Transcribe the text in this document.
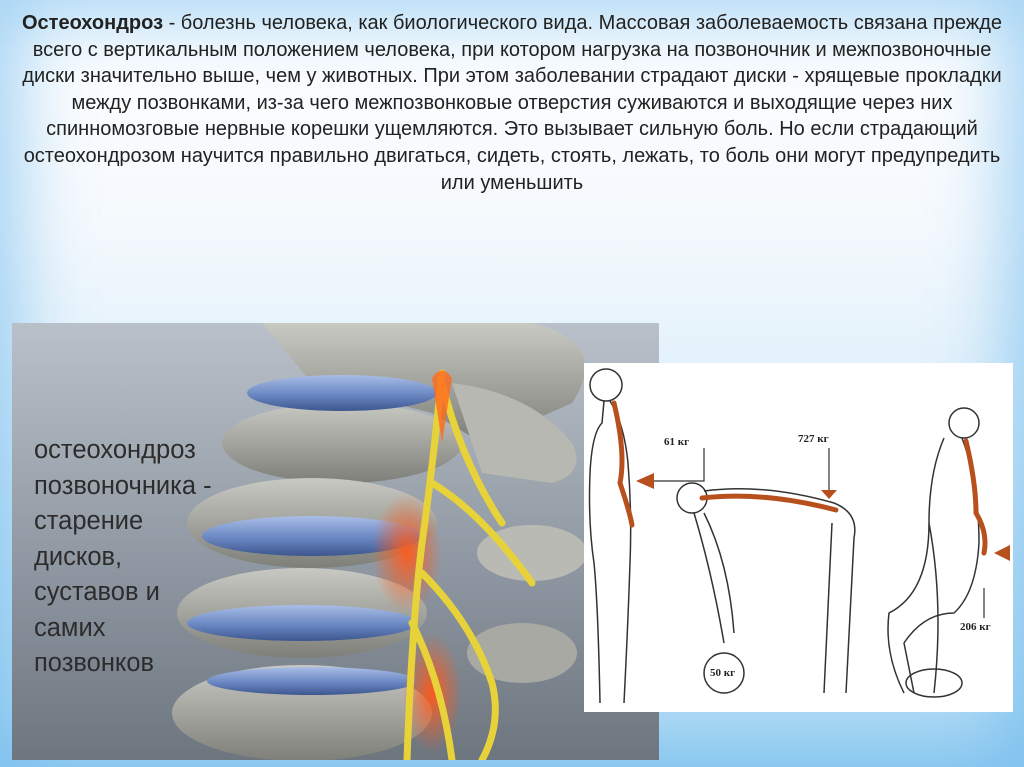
Остеохондроз - болезнь человека, как биологического вида. Массовая заболеваемость связана прежде всего с вертикальным положением человека, при котором нагрузка на позвоночник и межпозвоночные диски значительно выше, чем у животных. При этом заболевании страдают диски - хрящевые прокладки между позвонками, из-за чего межпозвонковые отверстия суживаются и выходящие через них спинномозговые нервные корешки ущемляются. Это вызывает сильную боль. Но если страдающий остеохондрозом научится правильно двигаться, сидеть, стоять, лежать, то боль они могут предупредить или уменьшить

остеохондроз
позвоночника -
старение
дисков,
суставов и
самих
позвонков

61 кг	727 кг
50 кг
206 кг
